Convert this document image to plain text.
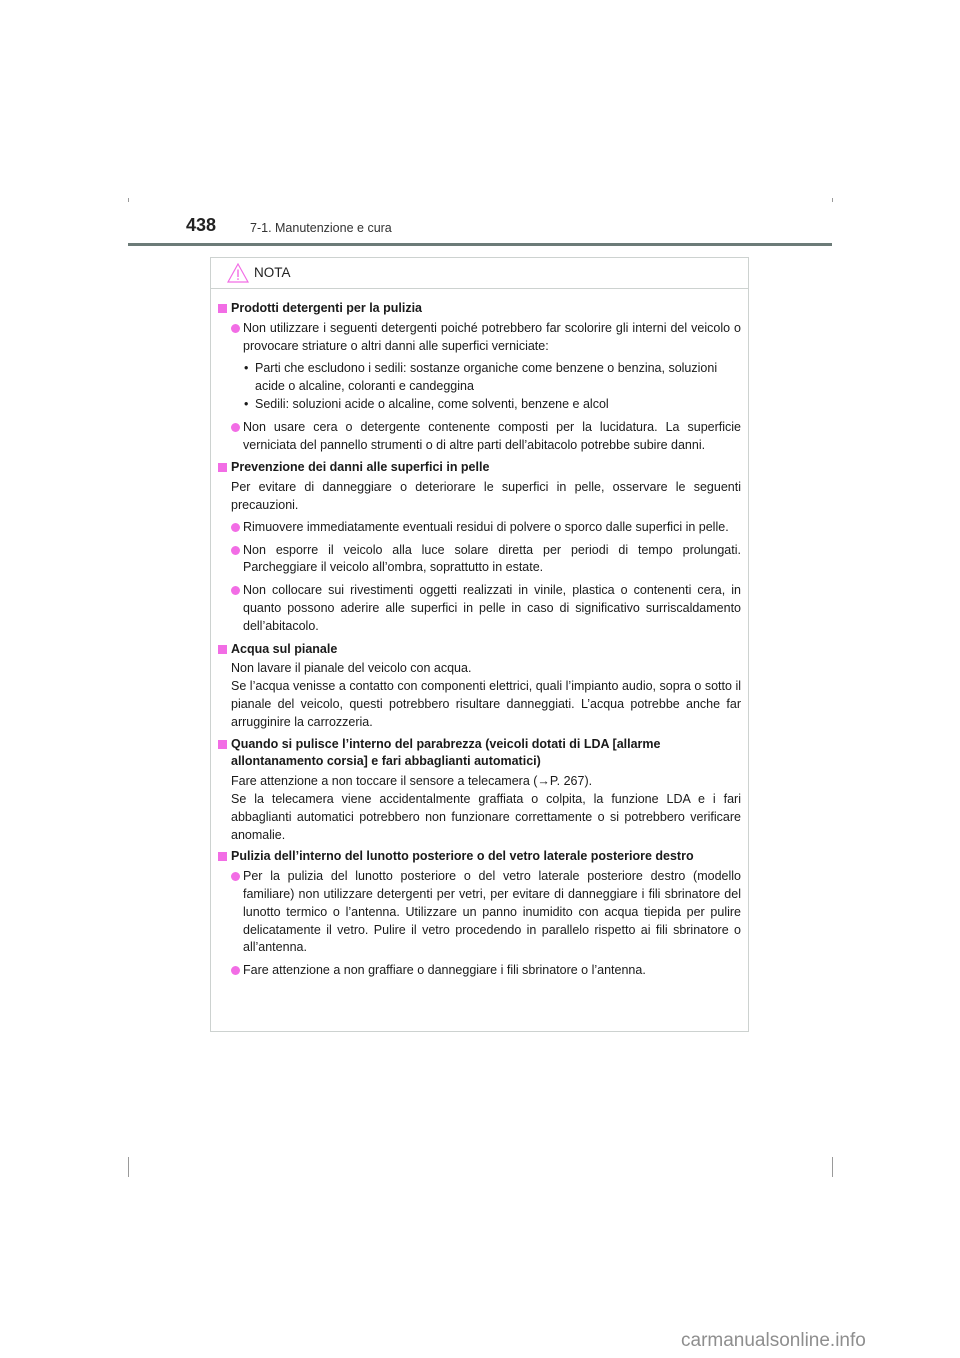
438	7-1. Manutenzione e cura
NOTA
Prodotti detergenti per la pulizia
Non utilizzare i seguenti detergenti poiché potrebbero far scolorire gli interni del veicolo o provocare striature o altri danni alle superfici verniciate:
• Parti che escludono i sedili: sostanze organiche come benzene o benzina, soluzioni acide o alcaline, coloranti e candeggina
• Sedili: soluzioni acide o alcaline, come solventi, benzene e alcol
Non usare cera o detergente contenente composti per la lucidatura. La superficie verniciata del pannello strumenti o di altre parti dell’abitacolo potrebbe subire danni.
Prevenzione dei danni alle superfici in pelle
Per evitare di danneggiare o deteriorare le superfici in pelle, osservare le seguenti precauzioni.
Rimuovere immediatamente eventuali residui di polvere o sporco dalle superfici in pelle.
Non esporre il veicolo alla luce solare diretta per periodi di tempo prolungati. Parcheggiare il veicolo all’ombra, soprattutto in estate.
Non collocare sui rivestimenti oggetti realizzati in vinile, plastica o contenenti cera, in quanto possono aderire alle superfici in pelle in caso di significativo surriscaldamento dell’abitacolo.
Acqua sul pianale
Non lavare il pianale del veicolo con acqua.
Se l’acqua venisse a contatto con componenti elettrici, quali l’impianto audio, sopra o sotto il pianale del veicolo, questi potrebbero risultare danneggiati. L’acqua potrebbe anche far arrugginire la carrozzeria.
Quando si pulisce l’interno del parabrezza (veicoli dotati di LDA [allarme allontanamento corsia] e fari abbaglianti automatici)
Fare attenzione a non toccare il sensore a telecamera (→P. 267).
Se la telecamera viene accidentalmente graffiata o colpita, la funzione LDA e i fari abbaglianti automatici potrebbero non funzionare correttamente o si potrebbero verificare anomalie.
Pulizia dell’interno del lunotto posteriore o del vetro laterale posteriore destro
Per la pulizia del lunotto posteriore o del vetro laterale posteriore destro (modello familiare) non utilizzare detergenti per vetri, per evitare di danneggiare i fili sbrinatore del lunotto termico o l’antenna. Utilizzare un panno inumidito con acqua tiepida per pulire delicatamente il vetro. Pulire il vetro procedendo in parallelo rispetto ai fili sbrinatore o all’antenna.
Fare attenzione a non graffiare o danneggiare i fili sbrinatore o l’antenna.
carmanualsonline.info
